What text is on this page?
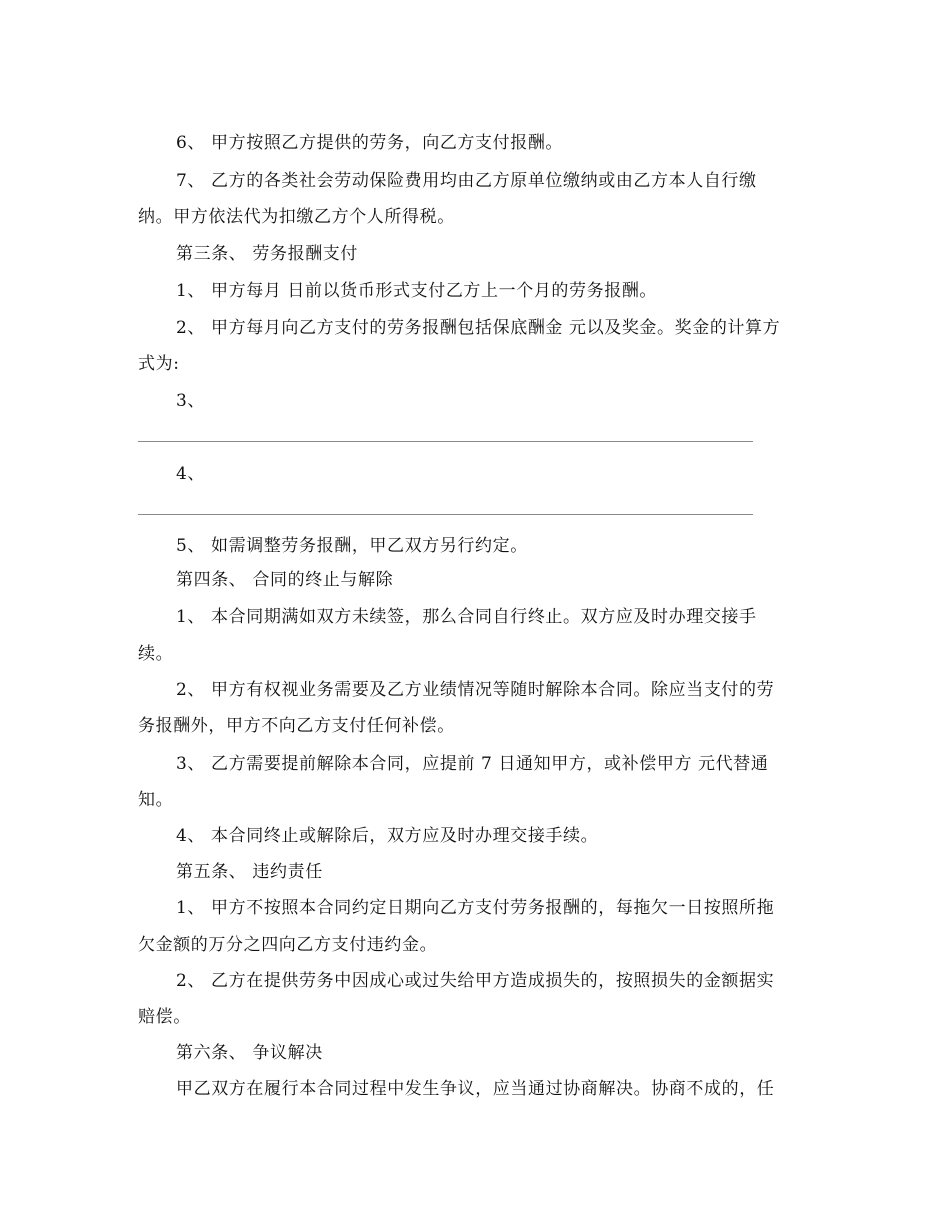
6、 甲方按照乙方提供的劳务，向乙方支付报酬。
7、 乙方的各类社会劳动保险费用均由乙方原单位缴纳或由乙方本人自行缴
纳。甲方依法代为扣缴乙方个人所得税。
第三条、 劳务报酬支付
1、 甲方每月 日前以货币形式支付乙方上一个月的劳务报酬。
2、 甲方每月向乙方支付的劳务报酬包括保底酬金 元以及奖金。奖金的计算方
式为:
3、
4、
5、 如需调整劳务报酬，甲乙双方另行约定。
第四条、 合同的终止与解除
1、 本合同期满如双方未续签，那么合同自行终止。双方应及时办理交接手
续。
2、 甲方有权视业务需要及乙方业绩情况等随时解除本合同。除应当支付的劳
务报酬外，甲方不向乙方支付任何补偿。
3、 乙方需要提前解除本合同，应提前 7 日通知甲方，或补偿甲方 元代替通
知。
4、 本合同终止或解除后，双方应及时办理交接手续。
第五条、 违约责任
1、 甲方不按照本合同约定日期向乙方支付劳务报酬的，每拖欠一日按照所拖
欠金额的万分之四向乙方支付违约金。
2、 乙方在提供劳务中因成心或过失给甲方造成损失的，按照损失的金额据实
赔偿。
第六条、 争议解决
甲乙双方在履行本合同过程中发生争议，应当通过协商解决。协商不成的，任
